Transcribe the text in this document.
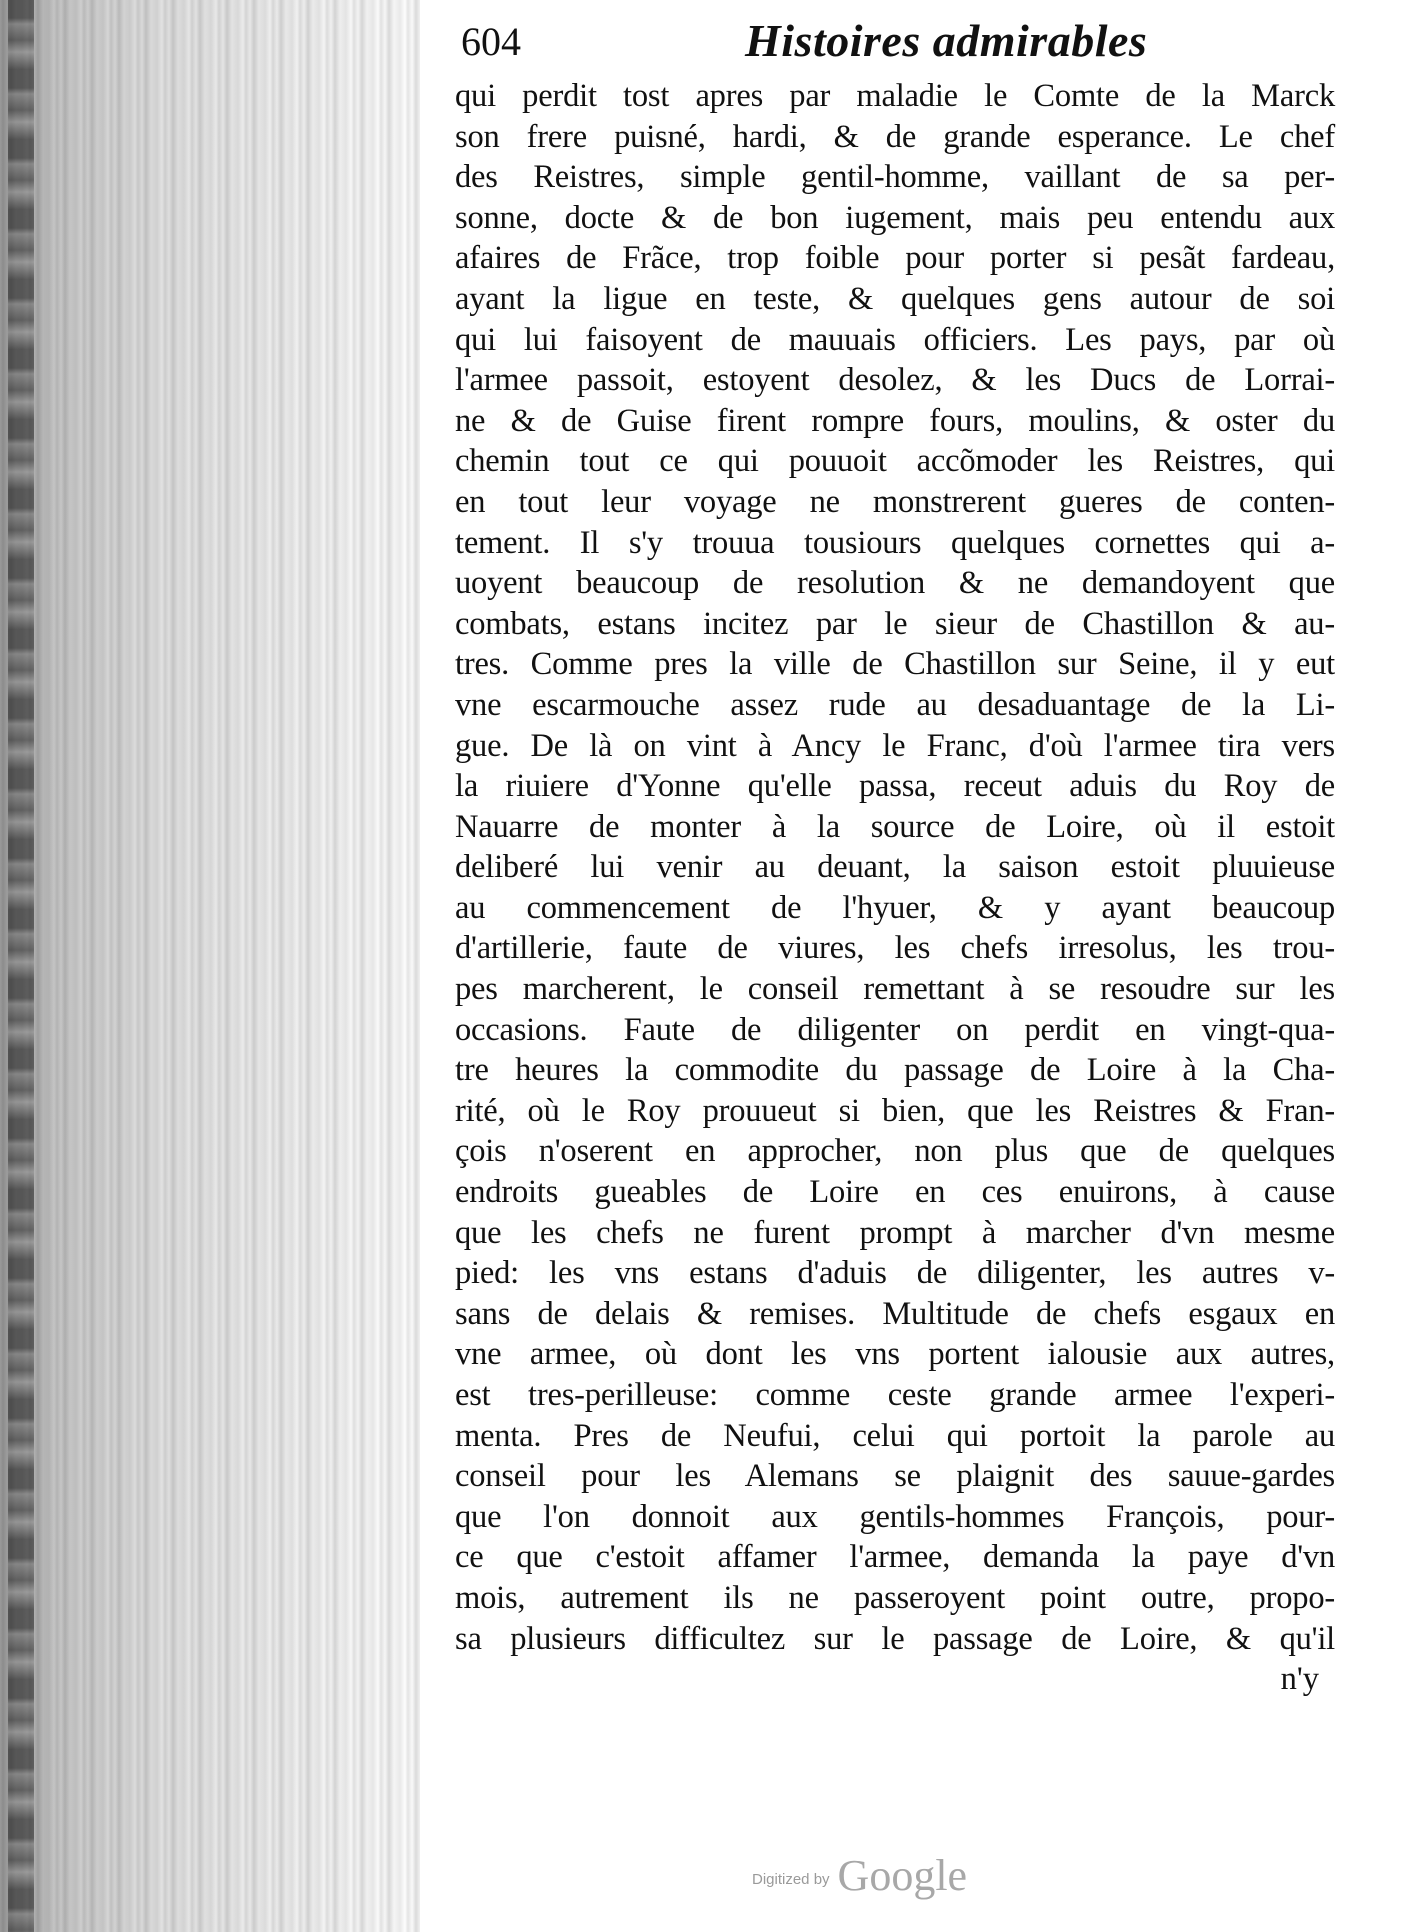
604	Histoires admirables
qui perdit tost apres par maladie le Comte de la Marck
son frere puisné, hardi, & de grande esperance. Le chef
des Reistres, simple gentil-homme, vaillant de sa per-
sonne, docte & de bon iugement, mais peu entendu aux
afaires de Frãce, trop foible pour porter si pesãt fardeau,
ayant la ligue en teste, & quelques gens autour de soi
qui lui faisoyent de mauuais officiers. Les pays, par où
l'armee passoit, estoyent desolez, & les Ducs de Lorrai-
ne & de Guise firent rompre fours, moulins, & oster du
chemin tout ce qui pouuoit accõmoder les Reistres, qui
en tout leur voyage ne monstrerent gueres de conten-
tement. Il s'y trouua tousiours quelques cornettes qui a-
uoyent beaucoup de resolution & ne demandoyent que
combats, estans incitez par le sieur de Chastillon & au-
tres. Comme pres la ville de Chastillon sur Seine, il y eut
vne escarmouche assez rude au desaduantage de la Li-
gue. De là on vint à Ancy le Franc, d'où l'armee tira vers
la riuiere d'Yonne qu'elle passa, receut aduis du Roy de
Nauarre de monter à la source de Loire, où il estoit
deliberé lui venir au deuant, la saison estoit pluuieuse
au commencement de l'hyuer, & y ayant beaucoup
d'artillerie, faute de viures, les chefs irresolus, les trou-
pes marcherent, le conseil remettant à se resoudre sur les
occasions. Faute de diligenter on perdit en vingt-qua-
tre heures la commodite du passage de Loire à la Cha-
rité, où le Roy prouueut si bien, que les Reistres & Fran-
çois n'oserent en approcher, non plus que de quelques
endroits gueables de Loire en ces enuirons, à cause
que les chefs ne furent prompt à marcher d'vn mesme
pied: les vns estans d'aduis de diligenter, les autres v-
sans de delais & remises. Multitude de chefs esgaux en
vne armee, où dont les vns portent ialousie aux autres,
est tres-perilleuse: comme ceste grande armee l'experi-
menta. Pres de Neufui, celui qui portoit la parole au
conseil pour les Alemans se plaignit des sauue-gardes
que l'on donnoit aux gentils-hommes François, pour-
ce que c'estoit affamer l'armee, demanda la paye d'vn
mois, autrement ils ne passeroyent point outre, propo-
sa plusieurs difficultez sur le passage de Loire, & qu'il
n'y
Digitized by Google
